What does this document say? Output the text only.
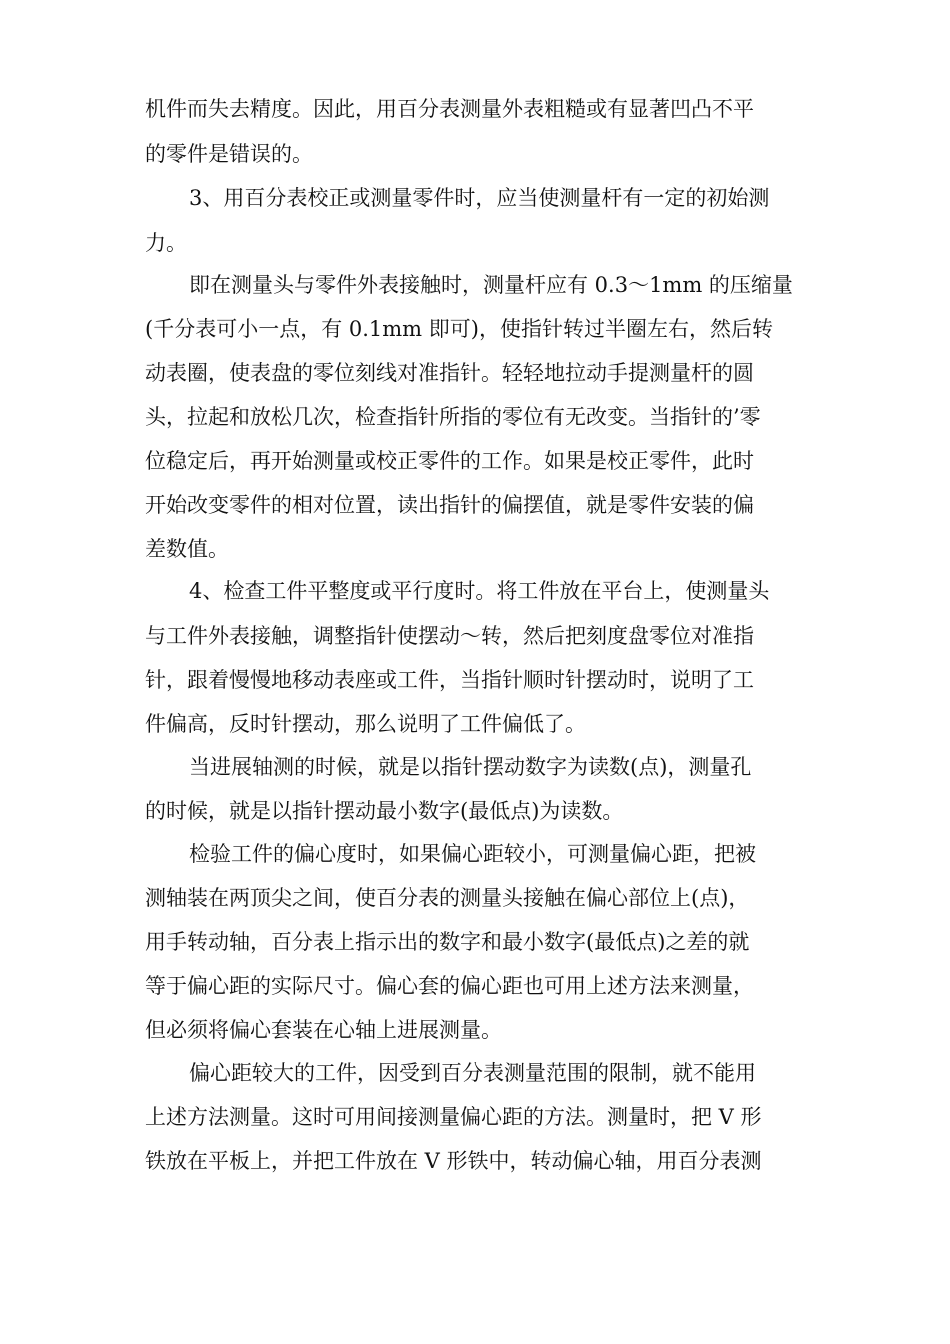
机件而失去精度。因此，用百分表测量外表粗糙或有显著凹凸不平
的零件是错误的。
3、用百分表校正或测量零件时，应当使测量杆有一定的初始测
力。
即在测量头与零件外表接触时，测量杆应有 0.3～1mm 的压缩量
(千分表可小一点，有 0.1mm 即可)，使指针转过半圈左右，然后转
动表圈，使表盘的零位刻线对准指针。轻轻地拉动手提测量杆的圆
头，拉起和放松几次，检查指针所指的零位有无改变。当指针的’零
位稳定后，再开始测量或校正零件的工作。如果是校正零件，此时
开始改变零件的相对位置，读出指针的偏摆值，就是零件安装的偏
差数值。
4、检查工件平整度或平行度时。将工件放在平台上，使测量头
与工件外表接触，调整指针使摆动～转，然后把刻度盘零位对准指
针，跟着慢慢地移动表座或工件，当指针顺时针摆动时，说明了工
件偏高，反时针摆动，那么说明了工件偏低了。
当进展轴测的时候，就是以指针摆动数字为读数(点)，测量孔
的时候，就是以指针摆动最小数字(最低点)为读数。
检验工件的偏心度时，如果偏心距较小，可测量偏心距，把被
测轴装在两顶尖之间，使百分表的测量头接触在偏心部位上(点)，
用手转动轴，百分表上指示出的数字和最小数字(最低点)之差的就
等于偏心距的实际尺寸。偏心套的偏心距也可用上述方法来测量，
但必须将偏心套装在心轴上进展测量。
偏心距较大的工件，因受到百分表测量范围的限制，就不能用
上述方法测量。这时可用间接测量偏心距的方法。测量时，把 V 形
铁放在平板上，并把工件放在 V 形铁中，转动偏心轴，用百分表测
